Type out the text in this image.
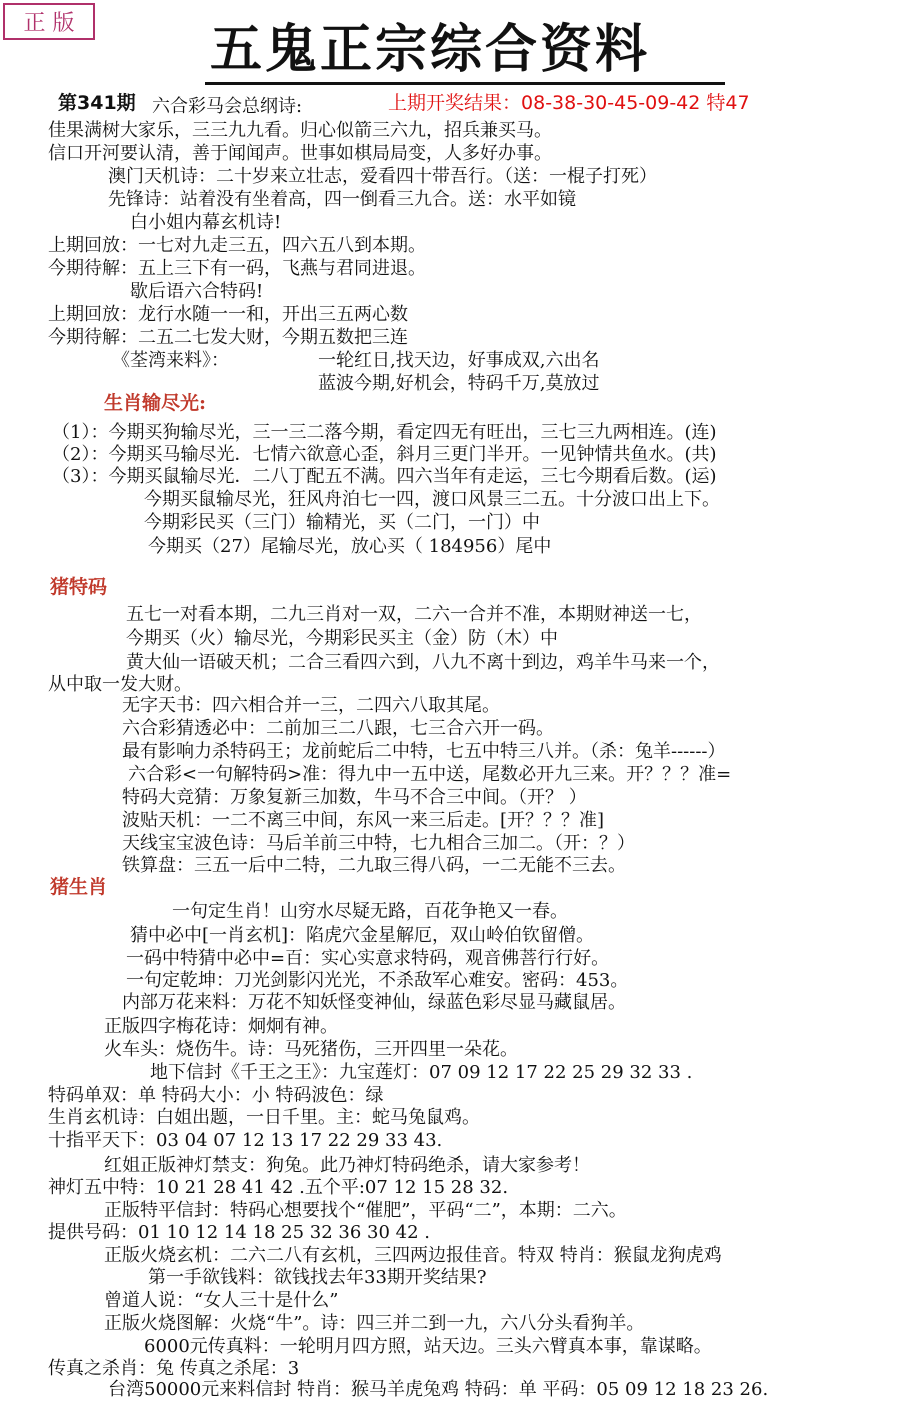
正 版	五鬼正宗综合资料
第341期	上期开奖结果：08-38-30-45-09-42 特47
六合彩马会总纲诗:
佳果满树大家乐，三三九九看。归心似箭三六九，招兵兼买马。
信口开河要认清，善于闻闻声。世事如棋局局变，人多好办事。
澳门天机诗：二十岁来立壮志，爱看四十带吾行。（送：一棍子打死）
先锋诗：站着没有坐着高，四一倒看三九合。送：水平如镜
白小姐内幕玄机诗!
上期回放：一七对九走三五，四六五八到本期。
今期待解：五上三下有一码，飞燕与君同进退。
歇后语六合特码!
上期回放：龙行水随一一和，开出三五两心数
今期待解：二五二七发大财，今期五数把三连
《荃湾来料》：	一轮红日,找天边，好事成双,六出名
蓝波今期,好机会，特码千万,莫放过
生肖输尽光:
（1）：今期买狗输尽光，三一三二落今期，看定四无有旺出，三七三九两相连。(连)
（2）：今期买马输尽光．七情六欲意心歪，斜月三更门半开。一见钟情共鱼水。(共)
（3）：今期买鼠输尽光．二八丁配五不满。四六当年有走运，三七今期看后数。(运)
今期买鼠输尽光，狂风舟泊七一四，渡口风景三二五。十分波口出上下。
今期彩民买（三门）输精光，买（二门，一门）中
今期买（27）尾输尽光，放心买（ 184956）尾中
猪特码
五七一对看本期，二九三肖对一双，二六一合并不准，本期财神送一七，
今期买（火）输尽光，今期彩民买主（金）防（木）中
黄大仙一语破天机；二合三看四六到，八九不离十到边，鸡羊牛马来一个，
从中取一发大财。
无字天书：四六相合并一三，二四六八取其尾。
六合彩猜透必中：二前加三二八跟，七三合六开一码。
最有影响力杀特码王；龙前蛇后二中特，七五中特三八并。（杀：兔羊------）
六合彩<一句解特码>准：得九中一五中送，尾数必开九三来。开？？？准=
特码大竞猜：万象复新三加数，牛马不合三中间。（开？ ）
波贴天机：一二不离三中间，东风一来三后走。[开？？？准]
天线宝宝波色诗：马后羊前三中特，七九相合三加二。（开：？）
铁算盘：三五一后中二特，二九取三得八码，一二无能不三去。
猪生肖
一句定生肖！山穷水尽疑无路，百花争艳又一春。
猜中必中[一肖玄机]：陷虎穴金星解厄，双山岭伯钦留僧。
一码中特猜中必中=百：实心实意求特码，观音佛菩行行好。
一句定乾坤：刀光剑影闪光光，不杀敌军心难安。密码：453。
内部万花来料：万花不知妖怪变神仙，绿蓝色彩尽显马藏鼠居。
正版四字梅花诗：炯炯有神。
火车头：烧伤牛。诗：马死猪伤，三开四里一朵花。
地下信封《千王之王》：九宝莲灯：07 09 12 17 22 25 29 32 33 .
特码单双：单 特码大小：小 特码波色：绿
生肖玄机诗：白姐出题，一日千里。主：蛇马兔鼠鸡。
十指平天下：03 04 07 12 13 17 22 29 33 43.
红姐正版神灯禁支：狗兔。此乃神灯特码绝杀，请大家参考！
神灯五中特：10 21 28 41 42 .五个平:07 12 15 28 32.
正版特平信封：特码心想要找个“催肥”，平码“二”，本期：二六。
提供号码：01 10 12 14 18 25 32 36 30 42 .
正版火烧玄机：二六二八有玄机，三四两边报佳音。特双 特肖：猴鼠龙狗虎鸡
第一手欲钱料：欲钱找去年33期开奖结果?
曾道人说：“女人三十是什么”
正版火烧图解：火烧“牛”。诗：四三并二到一九，六八分头看狗羊。
6000元传真料：一轮明月四方照，站天边。三头六臂真本事，靠谋略。
传真之杀肖：兔 传真之杀尾：3
台湾50000元来料信封 特肖：猴马羊虎兔鸡 特码：单 平码：05 09 12 18 23 26.
